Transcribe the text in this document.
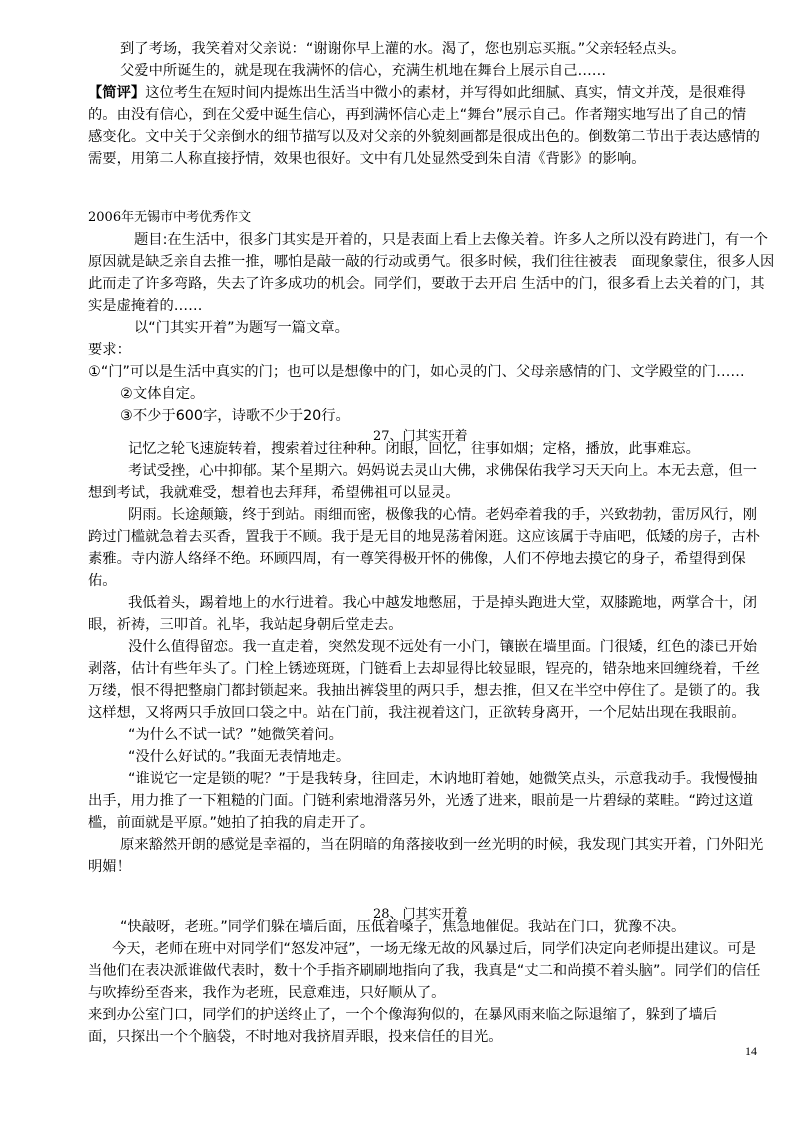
到了考场，我笑着对父亲说：“谢谢你早上灌的水。渴了，您也别忘买瓶。”父亲轻轻点头。
父爱中所诞生的，就是现在我满怀的信心，充满生机地在舞台上展示自己……
【简评】这位考生在短时间内提炼出生活当中微小的素材，并写得如此细腻、真实，情文并茂，是很难得
的。由没有信心，到在父爱中诞生信心，再到满怀信心走上“舞台”展示自己。作者翔实地写出了自己的情
感变化。文中关于父亲倒水的细节描写以及对父亲的外貌刻画都是很成出色的。倒数第二节出于表达感情的
需要，用第二人称直接抒情，效果也很好。文中有几处显然受到朱自清《背影》的影响。
2006年无锡市中考优秀作文
题目:在生活中，很多门其实是开着的，只是表面上看上去像关着。许多人之所以没有跨进门，有一个
原因就是缺乏亲自去推一推，哪怕是敲一敲的行动或勇气。很多时候，我们往往被表　面现象蒙住，很多人因
此而走了许多弯路，失去了许多成功的机会。同学们，要敢于去开启 生活中的门，很多看上去关着的门，其
实是虚掩着的……
以“门其实开着”为题写一篇文章。
要求：
①“门”可以是生活中真实的门；也可以是想像中的门，如心灵的门、父母亲感情的门、文学殿堂的门……
②文体自定。
③不少于600字，诗歌不少于20行。
27、门其实开着
记忆之轮飞速旋转着，搜索着过往种种。闭眼，回忆，往事如烟；定格，播放，此事难忘。
考试受挫，心中抑郁。某个星期六。妈妈说去灵山大佛，求佛保佑我学习天天向上。本无去意，但一
想到考试，我就难受，想着也去拜拜，希望佛祖可以显灵。
阴雨。长途颠簸，终于到站。雨细而密，极像我的心情。老妈牵着我的手，兴致勃勃，雷厉风行，刚
跨过门槛就急着去买香，置我于不顾。我于是无目的地晃荡着闲逛。这应该属于寺庙吧，低矮的房子，古朴
素雅。寺内游人络绎不绝。环顾四周，有一尊笑得极开怀的佛像，人们不停地去摸它的身子，希望得到保
佑。
我低着头，踢着地上的水行进着。我心中越发地憋屈，于是掉头跑进大堂，双膝跪地，两掌合十，闭
眼，祈祷，三叩首。礼毕，我站起身朝后堂走去。
没什么值得留恋。我一直走着，突然发现不远处有一小门，镶嵌在墙里面。门很矮，红色的漆已开始
剥落，估计有些年头了。门栓上锈迹斑斑，门链看上去却显得比较显眼，锃亮的，错杂地来回缠绕着，千丝
万缕，恨不得把整扇门都封锁起来。我抽出裤袋里的两只手，想去推，但又在半空中停住了。是锁了的。我
这样想，又将两只手放回口袋之中。站在门前，我注视着这门，正欲转身离开，一个尼姑出现在我眼前。
“为什么不试一试？”她微笑着问。
“没什么好试的。”我面无表情地走。
“谁说它一定是锁的呢？”于是我转身，往回走，木讷地盯着她，她微笑点头，示意我动手。我慢慢抽
出手，用力推了一下粗糙的门面。门链利索地滑落另外，光透了进来，眼前是一片碧绿的菜畦。“跨过这道
槛，前面就是平原。”她拍了拍我的肩走开了。
原来豁然开朗的感觉是幸福的，当在阴暗的角落接收到一丝光明的时候，我发现门其实开着，门外阳光
明媚！
28、门其实开着
“快敲呀，老班。”同学们躲在墙后面，压低着嗓子，焦急地催促。我站在门口，犹豫不决。
今天，老师在班中对同学们“怒发冲冠”，一场无缘无故的风暴过后，同学们决定向老师提出建议。可是
当他们在表决派谁做代表时，数十个手指齐刷刷地指向了我，我真是“丈二和尚摸不着头脑”。同学们的信任
与吹捧纷至沓来，我作为老班，民意难违，只好顺从了。
来到办公室门口，同学们的护送终止了，一个个像海狗似的，在暴风雨来临之际退缩了，躲到了墙后
面，只探出一个个脑袋，不时地对我挤眉弄眼，投来信任的目光。
14
